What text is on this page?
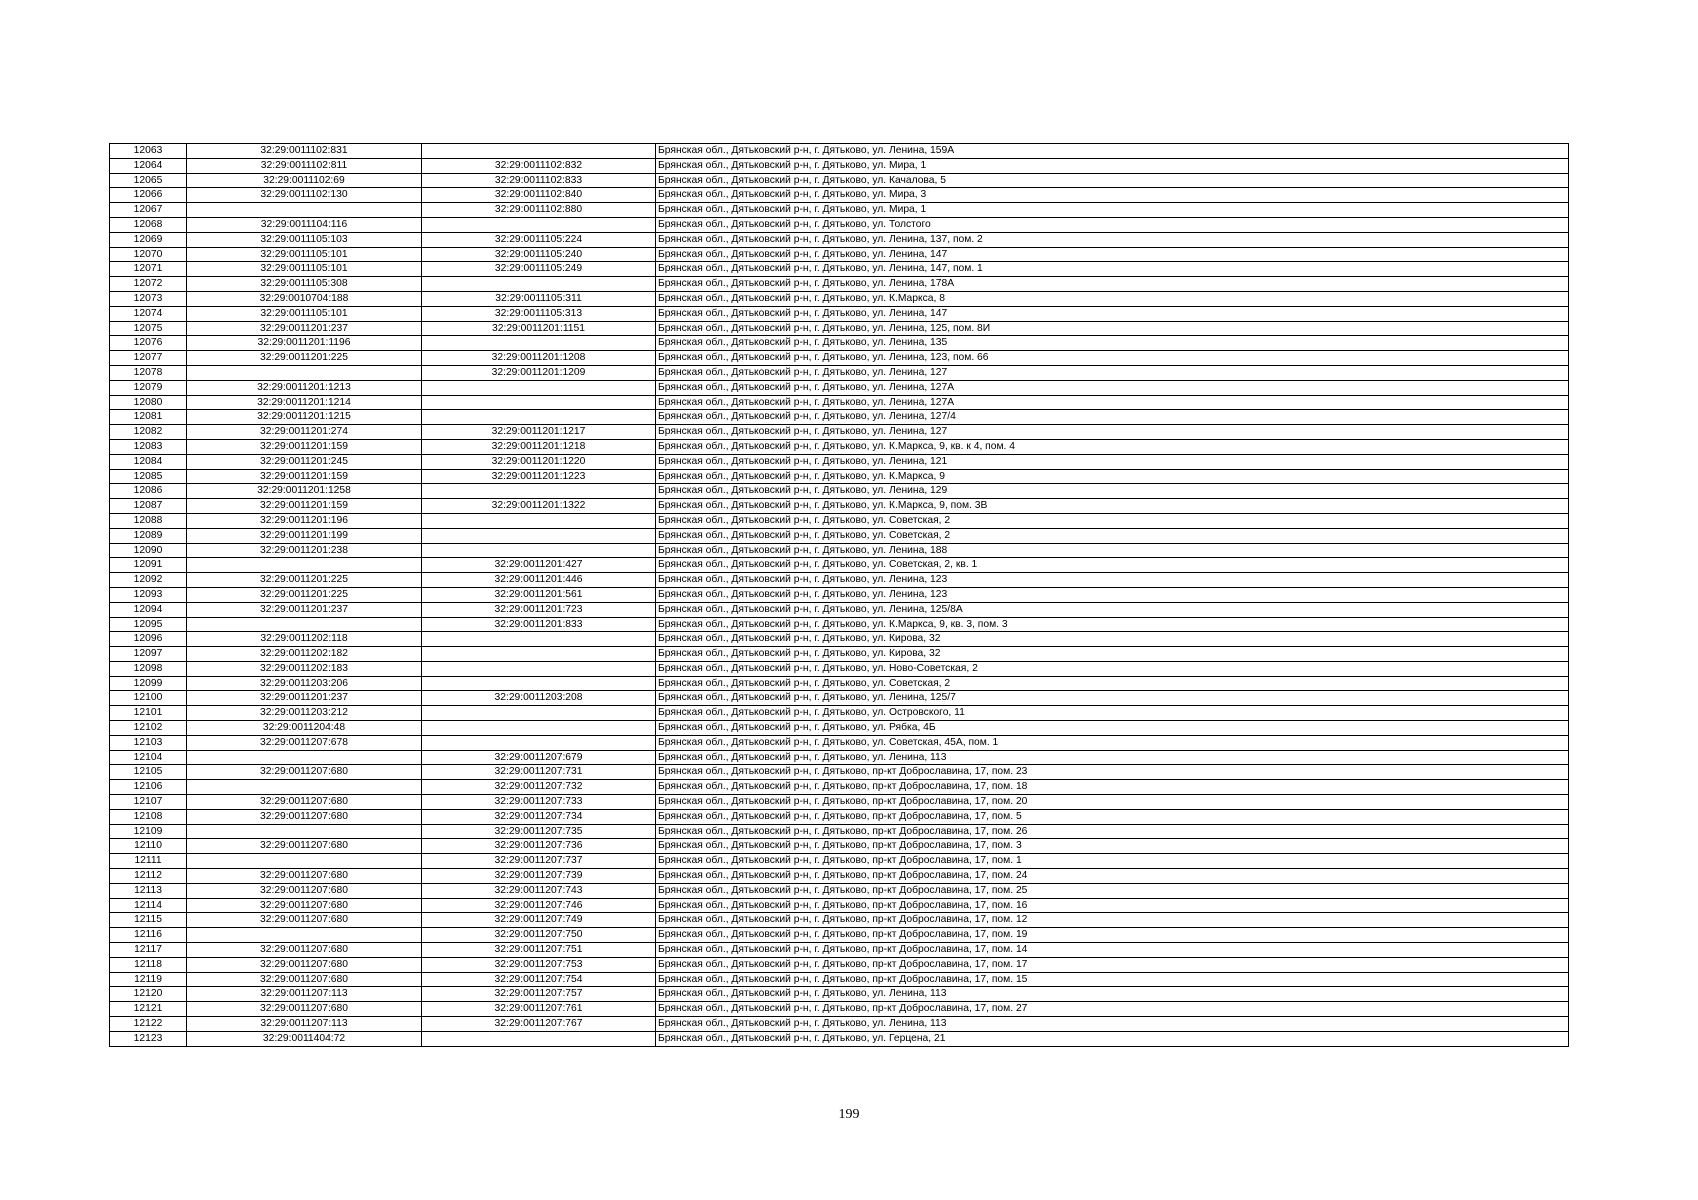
12063	32:29:0011102:831		Брянская обл., Дятьковский р-н, г. Дятьково, ул. Ленина, 159А
12064	32:29:0011102:811	32:29:0011102:832	Брянская обл., Дятьковский р-н, г. Дятьково, ул. Мира, 1
12065	32:29:0011102:69	32:29:0011102:833	Брянская обл., Дятьковский р-н, г. Дятьково, ул. Качалова, 5
12066	32:29:0011102:130	32:29:0011102:840	Брянская обл., Дятьковский р-н, г. Дятьково, ул. Мира, 3
12067		32:29:0011102:880	Брянская обл., Дятьковский р-н, г. Дятьково, ул. Мира, 1
12068	32:29:0011104:116		Брянская обл., Дятьковский р-н, г. Дятьково, ул. Толстого
12069	32:29:0011105:103	32:29:0011105:224	Брянская обл., Дятьковский р-н, г. Дятьково, ул. Ленина, 137, пом. 2
12070	32:29:0011105:101	32:29:0011105:240	Брянская обл., Дятьковский р-н, г. Дятьково, ул. Ленина, 147
12071	32:29:0011105:101	32:29:0011105:249	Брянская обл., Дятьковский р-н, г. Дятьково, ул. Ленина, 147, пом. 1
12072	32:29:0011105:308		Брянская обл., Дятьковский р-н, г. Дятьково, ул. Ленина, 178А
12073	32:29:0010704:188	32:29:0011105:311	Брянская обл., Дятьковский р-н, г. Дятьково, ул. К.Маркса, 8
12074	32:29:0011105:101	32:29:0011105:313	Брянская обл., Дятьковский р-н, г. Дятьково, ул. Ленина, 147
12075	32:29:0011201:237	32:29:0011201:1151	Брянская обл., Дятьковский р-н, г. Дятьково, ул. Ленина, 125, пом. 8И
12076	32:29:0011201:1196		Брянская обл., Дятьковский р-н, г. Дятьково, ул. Ленина, 135
12077	32:29:0011201:225	32:29:0011201:1208	Брянская обл., Дятьковский р-н, г. Дятьково, ул. Ленина, 123, пом. 66
12078		32:29:0011201:1209	Брянская обл., Дятьковский р-н, г. Дятьково, ул. Ленина, 127
12079	32:29:0011201:1213		Брянская обл., Дятьковский р-н, г. Дятьково, ул. Ленина, 127А
12080	32:29:0011201:1214		Брянская обл., Дятьковский р-н, г. Дятьково, ул. Ленина, 127А
12081	32:29:0011201:1215		Брянская обл., Дятьковский р-н, г. Дятьково, ул. Ленина, 127/4
12082	32:29:0011201:274	32:29:0011201:1217	Брянская обл., Дятьковский р-н, г. Дятьково, ул. Ленина, 127
12083	32:29:0011201:159	32:29:0011201:1218	Брянская обл., Дятьковский р-н, г. Дятьково, ул. К.Маркса, 9, кв. к 4, пом. 4
12084	32:29:0011201:245	32:29:0011201:1220	Брянская обл., Дятьковский р-н, г. Дятьково, ул. Ленина, 121
12085	32:29:0011201:159	32:29:0011201:1223	Брянская обл., Дятьковский р-н, г. Дятьково, ул. К.Маркса, 9
12086	32:29:0011201:1258		Брянская обл., Дятьковский р-н, г. Дятьково, ул. Ленина, 129
12087	32:29:0011201:159	32:29:0011201:1322	Брянская обл., Дятьковский р-н, г. Дятьково, ул. К.Маркса, 9, пом. 3В
12088	32:29:0011201:196		Брянская обл., Дятьковский р-н, г. Дятьково, ул. Советская, 2
12089	32:29:0011201:199		Брянская обл., Дятьковский р-н, г. Дятьково, ул. Советская, 2
12090	32:29:0011201:238		Брянская обл., Дятьковский р-н, г. Дятьково, ул. Ленина, 188
12091		32:29:0011201:427	Брянская обл., Дятьковский р-н, г. Дятьково, ул. Советская, 2, кв. 1
12092	32:29:0011201:225	32:29:0011201:446	Брянская обл., Дятьковский р-н, г. Дятьково, ул. Ленина, 123
12093	32:29:0011201:225	32:29:0011201:561	Брянская обл., Дятьковский р-н, г. Дятьково, ул. Ленина, 123
12094	32:29:0011201:237	32:29:0011201:723	Брянская обл., Дятьковский р-н, г. Дятьково, ул. Ленина, 125/8А
12095		32:29:0011201:833	Брянская обл., Дятьковский р-н, г. Дятьково, ул. К.Маркса, 9, кв. 3, пом. 3
12096	32:29:0011202:118		Брянская обл., Дятьковский р-н, г. Дятьково, ул. Кирова, 32
12097	32:29:0011202:182		Брянская обл., Дятьковский р-н, г. Дятьково, ул. Кирова, 32
12098	32:29:0011202:183		Брянская обл., Дятьковский р-н, г. Дятьково, ул. Ново-Советская, 2
12099	32:29:0011203:206		Брянская обл., Дятьковский р-н, г. Дятьково, ул. Советская, 2
12100	32:29:0011201:237	32:29:0011203:208	Брянская обл., Дятьковский р-н, г. Дятьково, ул. Ленина, 125/7
12101	32:29:0011203:212		Брянская обл., Дятьковский р-н, г. Дятьково, ул. Островского, 11
12102	32:29:0011204:48		Брянская обл., Дятьковский р-н, г. Дятьково, ул. Рябка, 4Б
12103	32:29:0011207:678		Брянская обл., Дятьковский р-н, г. Дятьково, ул. Советская, 45А, пом. 1
12104		32:29:0011207:679	Брянская обл., Дятьковский р-н, г. Дятьково, ул. Ленина, 113
12105	32:29:0011207:680	32:29:0011207:731	Брянская обл., Дятьковский р-н, г. Дятьково, пр-кт Доброславина, 17, пом. 23
12106		32:29:0011207:732	Брянская обл., Дятьковский р-н, г. Дятьково, пр-кт Доброславина, 17, пом. 18
12107	32:29:0011207:680	32:29:0011207:733	Брянская обл., Дятьковский р-н, г. Дятьково, пр-кт Доброславина, 17, пом. 20
12108	32:29:0011207:680	32:29:0011207:734	Брянская обл., Дятьковский р-н, г. Дятьково, пр-кт Доброславина, 17, пом. 5
12109		32:29:0011207:735	Брянская обл., Дятьковский р-н, г. Дятьково, пр-кт Доброславина, 17, пом. 26
12110	32:29:0011207:680	32:29:0011207:736	Брянская обл., Дятьковский р-н, г. Дятьково, пр-кт Доброславина, 17, пом. 3
12111		32:29:0011207:737	Брянская обл., Дятьковский р-н, г. Дятьково, пр-кт Доброславина, 17, пом. 1
12112	32:29:0011207:680	32:29:0011207:739	Брянская обл., Дятьковский р-н, г. Дятьково, пр-кт Доброславина, 17, пом. 24
12113	32:29:0011207:680	32:29:0011207:743	Брянская обл., Дятьковский р-н, г. Дятьково, пр-кт Доброславина, 17, пом. 25
12114	32:29:0011207:680	32:29:0011207:746	Брянская обл., Дятьковский р-н, г. Дятьково, пр-кт Доброславина, 17, пом. 16
12115	32:29:0011207:680	32:29:0011207:749	Брянская обл., Дятьковский р-н, г. Дятьково, пр-кт Доброславина, 17, пом. 12
12116		32:29:0011207:750	Брянская обл., Дятьковский р-н, г. Дятьково, пр-кт Доброславина, 17, пом. 19
12117	32:29:0011207:680	32:29:0011207:751	Брянская обл., Дятьковский р-н, г. Дятьково, пр-кт Доброславина, 17, пом. 14
12118	32:29:0011207:680	32:29:0011207:753	Брянская обл., Дятьковский р-н, г. Дятьково, пр-кт Доброславина, 17, пом. 17
12119	32:29:0011207:680	32:29:0011207:754	Брянская обл., Дятьковский р-н, г. Дятьково, пр-кт Доброславина, 17, пом. 15
12120	32:29:0011207:113	32:29:0011207:757	Брянская обл., Дятьковский р-н, г. Дятьково, ул. Ленина, 113
12121	32:29:0011207:680	32:29:0011207:761	Брянская обл., Дятьковский р-н, г. Дятьково, пр-кт Доброславина, 17, пом. 27
12122	32:29:0011207:113	32:29:0011207:767	Брянская обл., Дятьковский р-н, г. Дятьково, ул. Ленина, 113
12123	32:29:0011404:72		Брянская обл., Дятьковский р-н, г. Дятьково, ул. Герцена, 21
199
